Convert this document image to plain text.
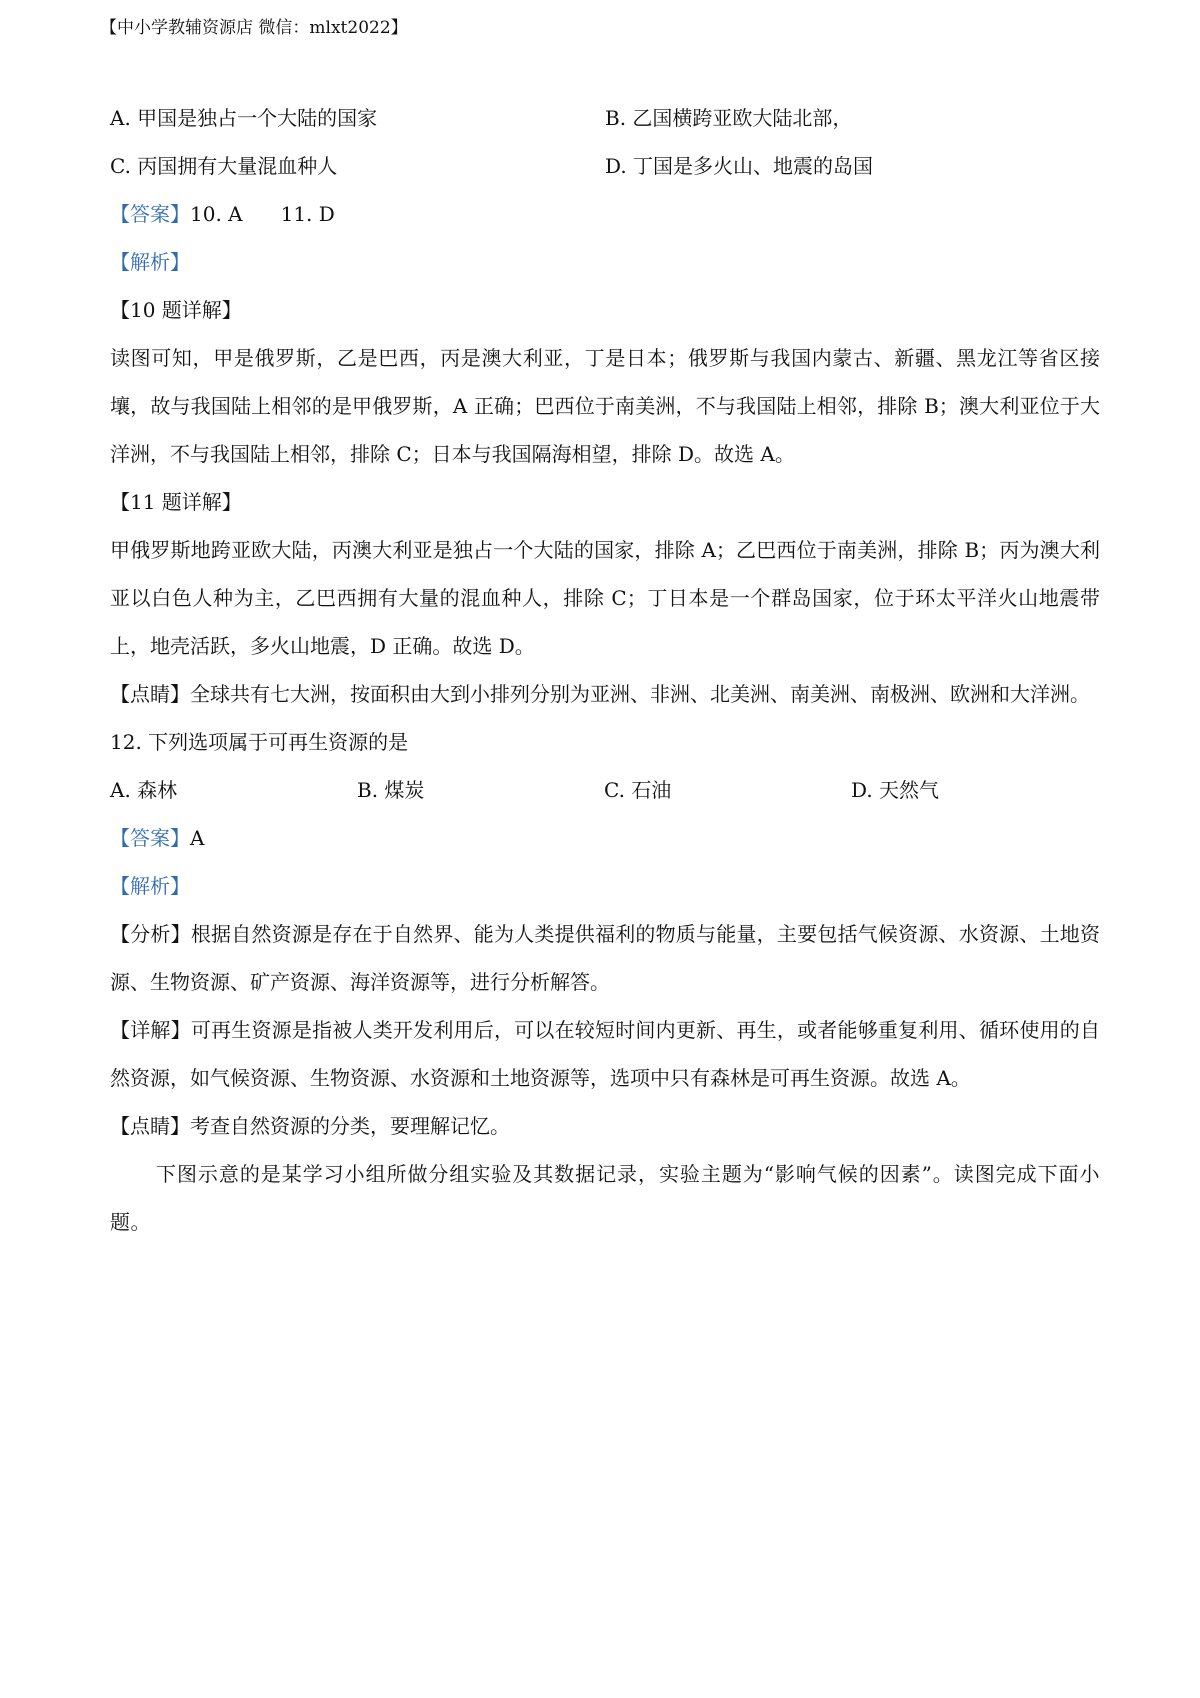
【中小学教辅资源店 微信：mlxt2022】
A. 甲国是独占一个大陆的国家	B. 乙国横跨亚欧大陆北部，
C. 丙国拥有大量混血种人	D. 丁国是多火山、地震的岛国
【答案】10. A 11. D
【解析】
【10 题详解】
读图可知，甲是俄罗斯，乙是巴西，丙是澳大利亚，丁是日本；俄罗斯与我国内蒙古、新疆、黑龙江等省区接壤，故与我国陆上相邻的是甲俄罗斯，A 正确；巴西位于南美洲，不与我国陆上相邻，排除 B；澳大利亚位于大洋洲，不与我国陆上相邻，排除 C；日本与我国隔海相望，排除 D。故选 A。
【11 题详解】
甲俄罗斯地跨亚欧大陆，丙澳大利亚是独占一个大陆的国家，排除 A；乙巴西位于南美洲，排除 B；丙为澳大利亚以白色人种为主，乙巴西拥有大量的混血种人，排除 C；丁日本是一个群岛国家，位于环太平洋火山地震带上，地壳活跃，多火山地震，D 正确。故选 D。
【点睛】全球共有七大洲，按面积由大到小排列分别为亚洲、非洲、北美洲、南美洲、南极洲、欧洲和大洋洲。
12. 下列选项属于可再生资源的是
A. 森林	B. 煤炭	C. 石油	D. 天然气
【答案】A
【解析】
【分析】根据自然资源是存在于自然界、能为人类提供福利的物质与能量，主要包括气候资源、水资源、土地资源、生物资源、矿产资源、海洋资源等，进行分析解答。
【详解】可再生资源是指被人类开发利用后，可以在较短时间内更新、再生，或者能够重复利用、循环使用的自然资源，如气候资源、生物资源、水资源和土地资源等，选项中只有森林是可再生资源。故选 A。
【点睛】考查自然资源的分类，要理解记忆。
下图示意的是某学习小组所做分组实验及其数据记录，实验主题为“影响气候的因素”。读图完成下面小题。
